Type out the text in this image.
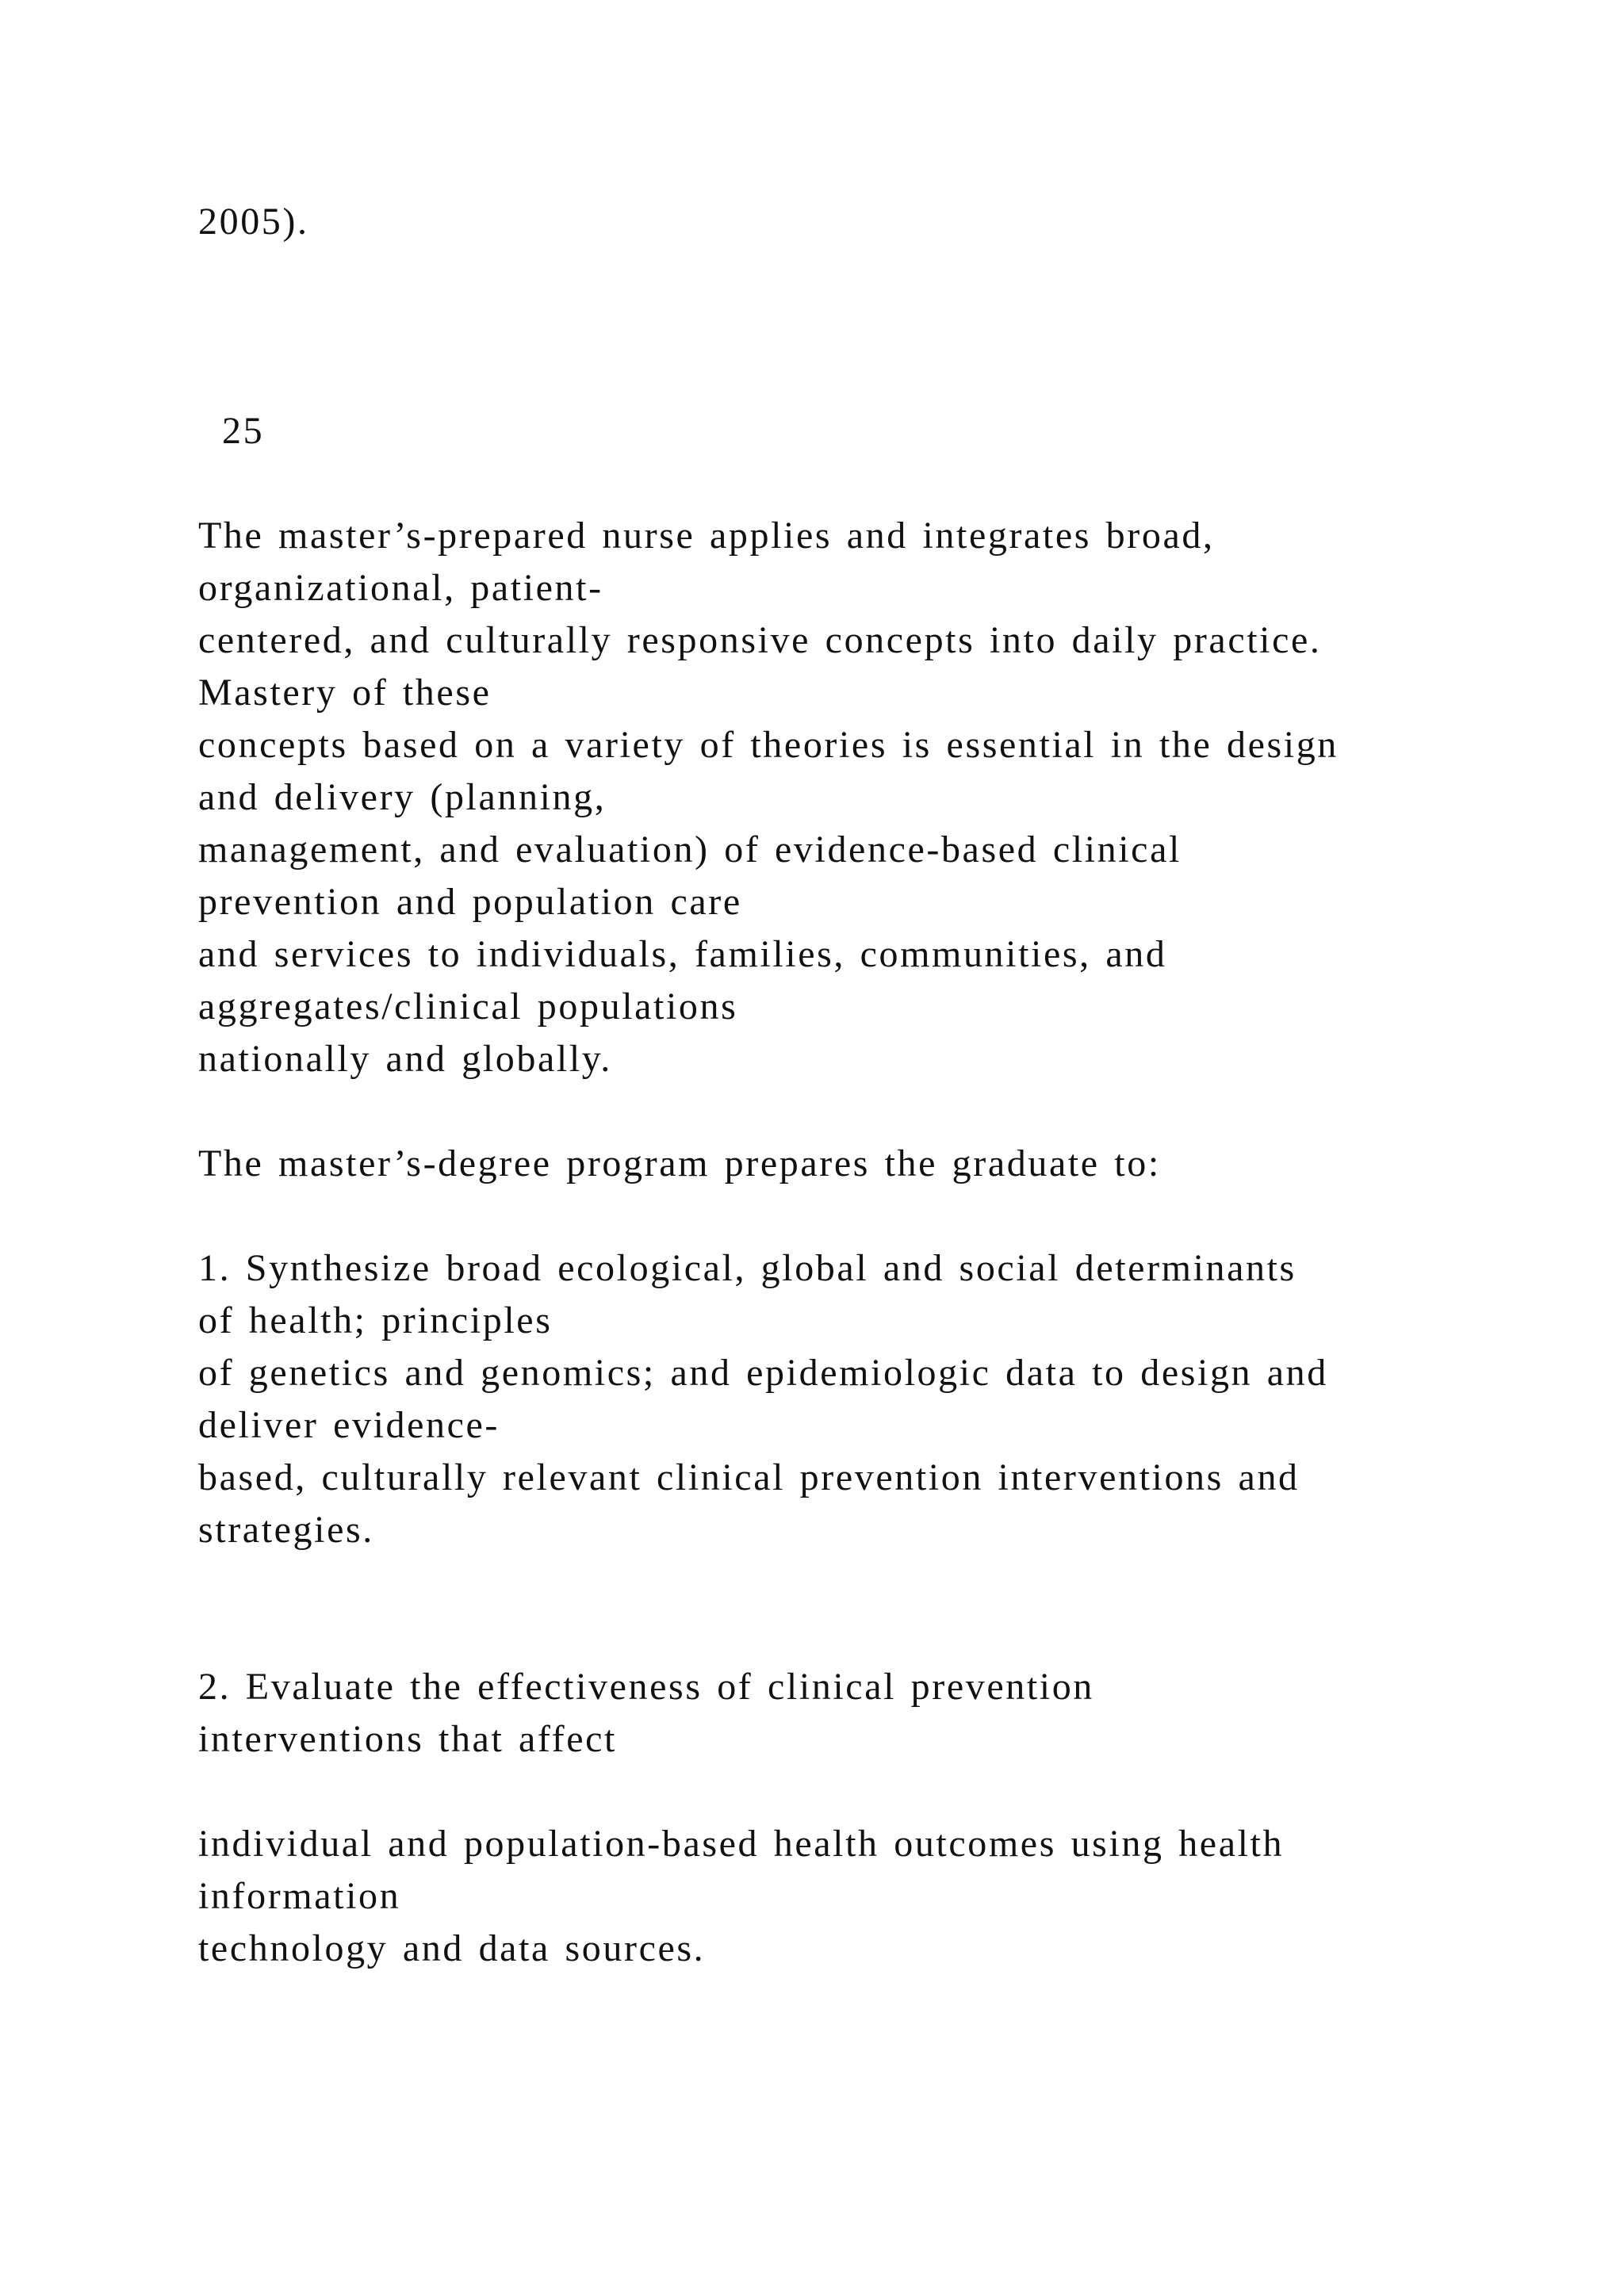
2005).

25

The master’s-prepared nurse applies and integrates broad,

organizational, patient-

centered, and culturally responsive concepts into daily practice.

Mastery of these

concepts based on a variety of theories is essential in the design

and delivery (planning,

management, and evaluation) of evidence-based clinical

prevention and population care

and services to individuals, families, communities, and

aggregates/clinical populations

nationally and globally.

The master’s-degree program prepares the graduate to:

1. Synthesize broad ecological, global and social determinants

of health; principles

of genetics and genomics; and epidemiologic data to design and

deliver evidence-

based, culturally relevant clinical prevention interventions and

strategies.

2. Evaluate the effectiveness of clinical prevention

interventions that affect

individual and population-based health outcomes using health

information

technology and data sources.
